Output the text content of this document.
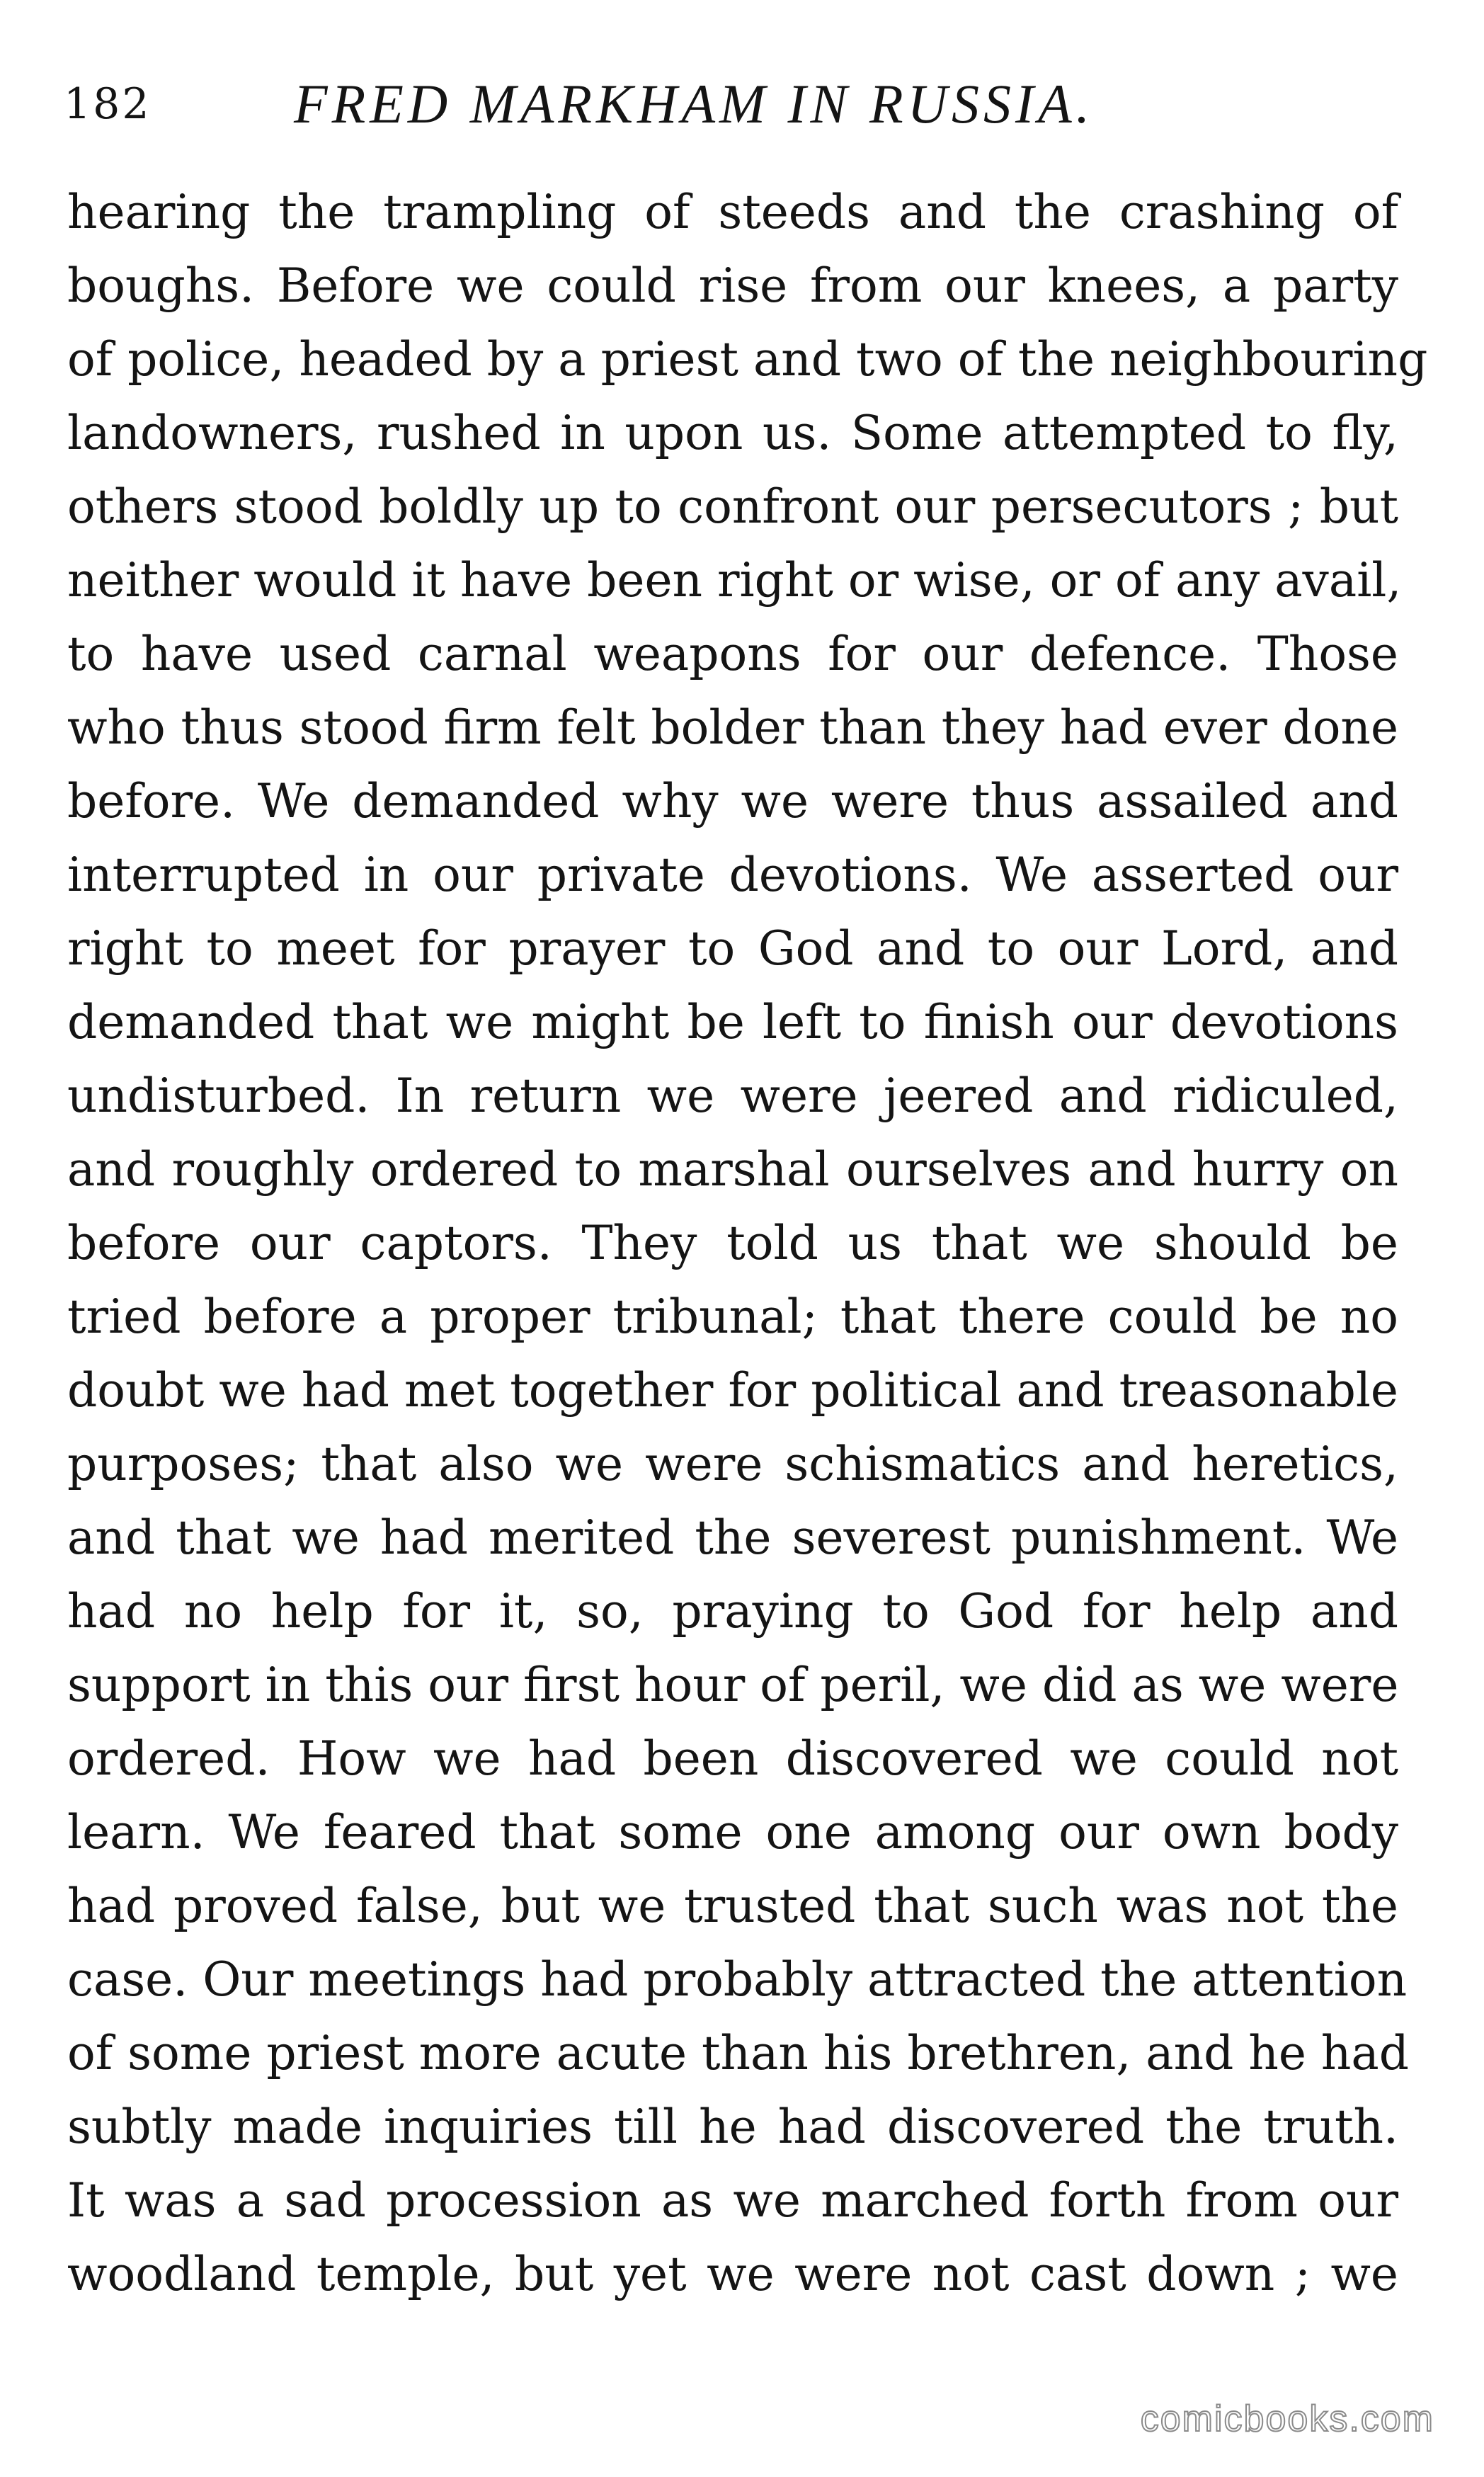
182	FRED MARKHAM IN RUSSIA.
hearing the trampling of steeds and the crashing of
boughs. Before we could rise from our knees, a party
of police, headed by a priest and two of the neighbouring
landowners, rushed in upon us. Some attempted to fly,
others stood boldly up to confront our persecutors ; but
neither would it have been right or wise, or of any avail,
to have used carnal weapons for our defence. Those
who thus stood firm felt bolder than they had ever done
before. We demanded why we were thus assailed and
interrupted in our private devotions. We asserted our
right to meet for prayer to God and to our Lord, and
demanded that we might be left to finish our devotions
undisturbed. In return we were jeered and ridiculed,
and roughly ordered to marshal ourselves and hurry on
before our captors. They told us that we should be
tried before a proper tribunal; that there could be no
doubt we had met together for political and treasonable
purposes; that also we were schismatics and heretics,
and that we had merited the severest punishment. We
had no help for it, so, praying to God for help and
support in this our first hour of peril, we did as we were
ordered. How we had been discovered we could not
learn. We feared that some one among our own body
had proved false, but we trusted that such was not the
case. Our meetings had probably attracted the attention
of some priest more acute than his brethren, and he had
subtly made inquiries till he had discovered the truth.
It was a sad procession as we marched forth from our
woodland temple, but yet we were not cast down ; we
comicbooks.com
